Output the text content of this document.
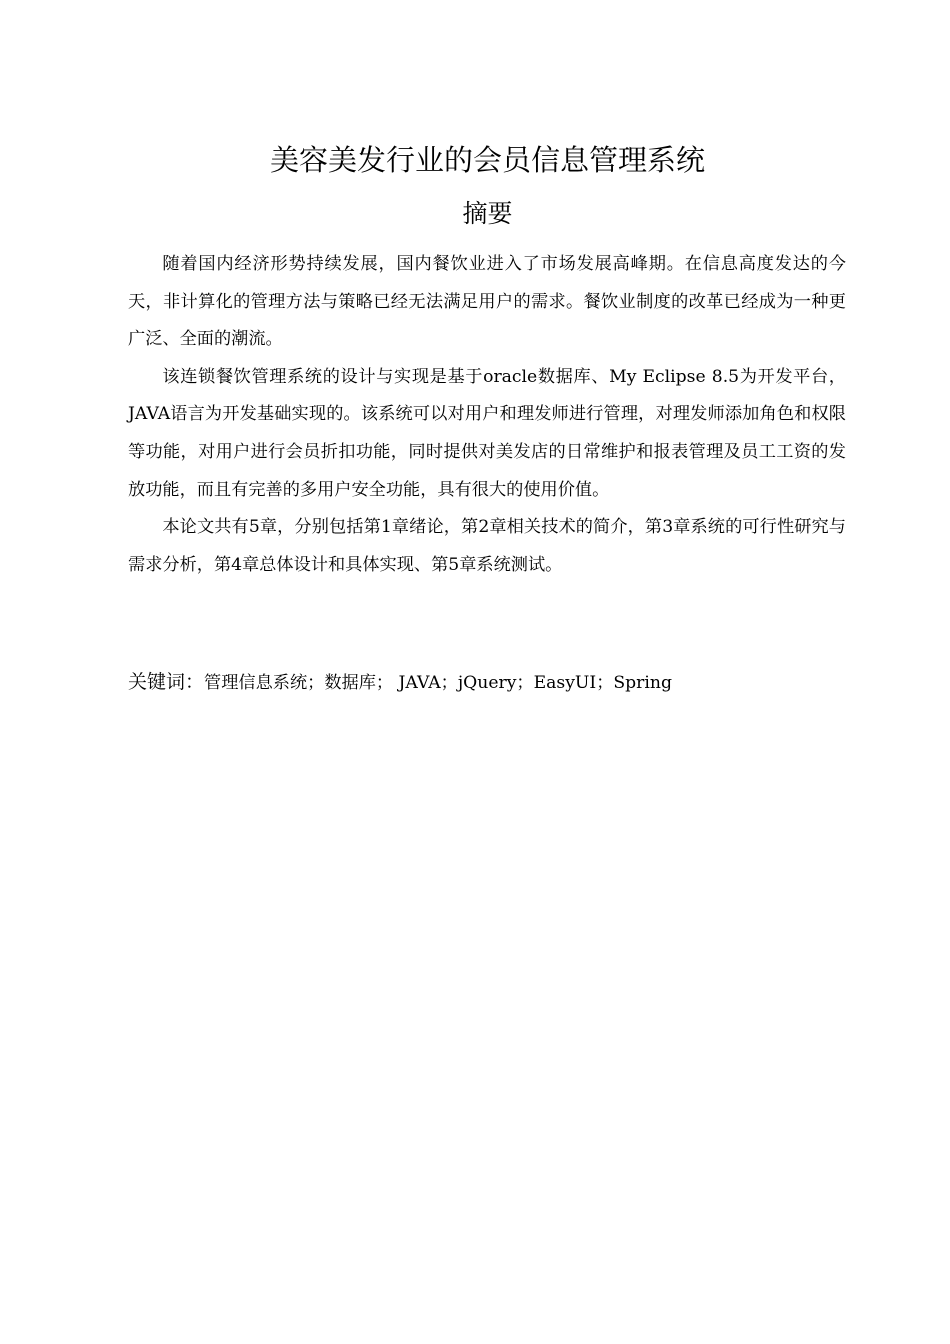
美容美发行业的会员信息管理系统
摘要

随着国内经济形势持续发展，国内餐饮业进入了市场发展高峰期。在信息高度发达的今天，非计算化的管理方法与策略已经无法满足用户的需求。餐饮业制度的改革已经成为一种更广泛、全面的潮流。

该连锁餐饮管理系统的设计与实现是基于oracle数据库、My Eclipse 8.5为开发平台，JAVA语言为开发基础实现的。该系统可以对用户和理发师进行管理，对理发师添加角色和权限等功能，对用户进行会员折扣功能，同时提供对美发店的日常维护和报表管理及员工工资的发放功能，而且有完善的多用户安全功能，具有很大的使用价值。

本论文共有5章，分别包括第1章绪论，第2章相关技术的简介，第3章系统的可行性研究与需求分析，第4章总体设计和具体实现、第5章系统测试。

关键词：管理信息系统；数据库； JAVA；jQuery；EasyUI；Spring
